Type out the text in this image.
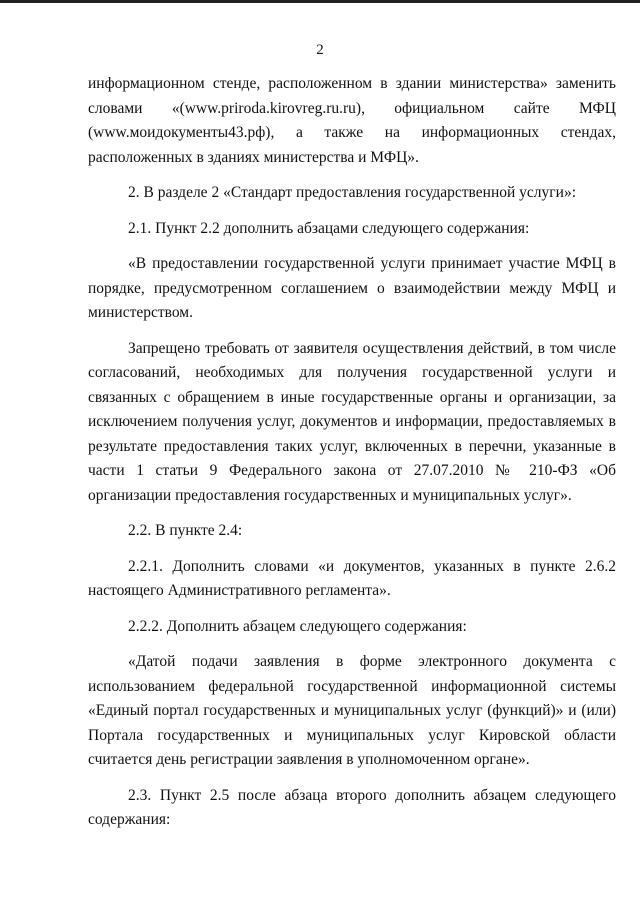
2

информационном стенде, расположенном в здании министерства» заменить словами «(www.priroda.kirovreg.ru.ru), официальном сайте МФЦ (www.моидокументы43.рф), а также на информационных стендах, расположенных в зданиях министерства и МФЦ».

2. В разделе 2 «Стандарт предоставления государственной услуги»:

2.1. Пункт 2.2 дополнить абзацами следующего содержания:

«В предоставлении государственной услуги принимает участие МФЦ в порядке, предусмотренном соглашением о взаимодействии между МФЦ и министерством.

Запрещено требовать от заявителя осуществления действий, в том числе согласований, необходимых для получения государственной услуги и связанных с обращением в иные государственные органы и организации, за исключением получения услуг, документов и информации, предоставляемых в результате предоставления таких услуг, включенных в перечни, указанные в части 1 статьи 9 Федерального закона от 27.07.2010 № 210-ФЗ «Об организации предоставления государственных и муниципальных услуг».

2.2. В пункте 2.4:

2.2.1. Дополнить словами «и документов, указанных в пункте 2.6.2 настоящего Административного регламента».

2.2.2. Дополнить абзацем следующего содержания:

«Датой подачи заявления в форме электронного документа с использованием федеральной государственной информационной системы «Единый портал государственных и муниципальных услуг (функций)» и (или) Портала государственных и муниципальных услуг Кировской области считается день регистрации заявления в уполномоченном органе».

2.3. Пункт 2.5 после абзаца второго дополнить абзацем следующего содержания:
